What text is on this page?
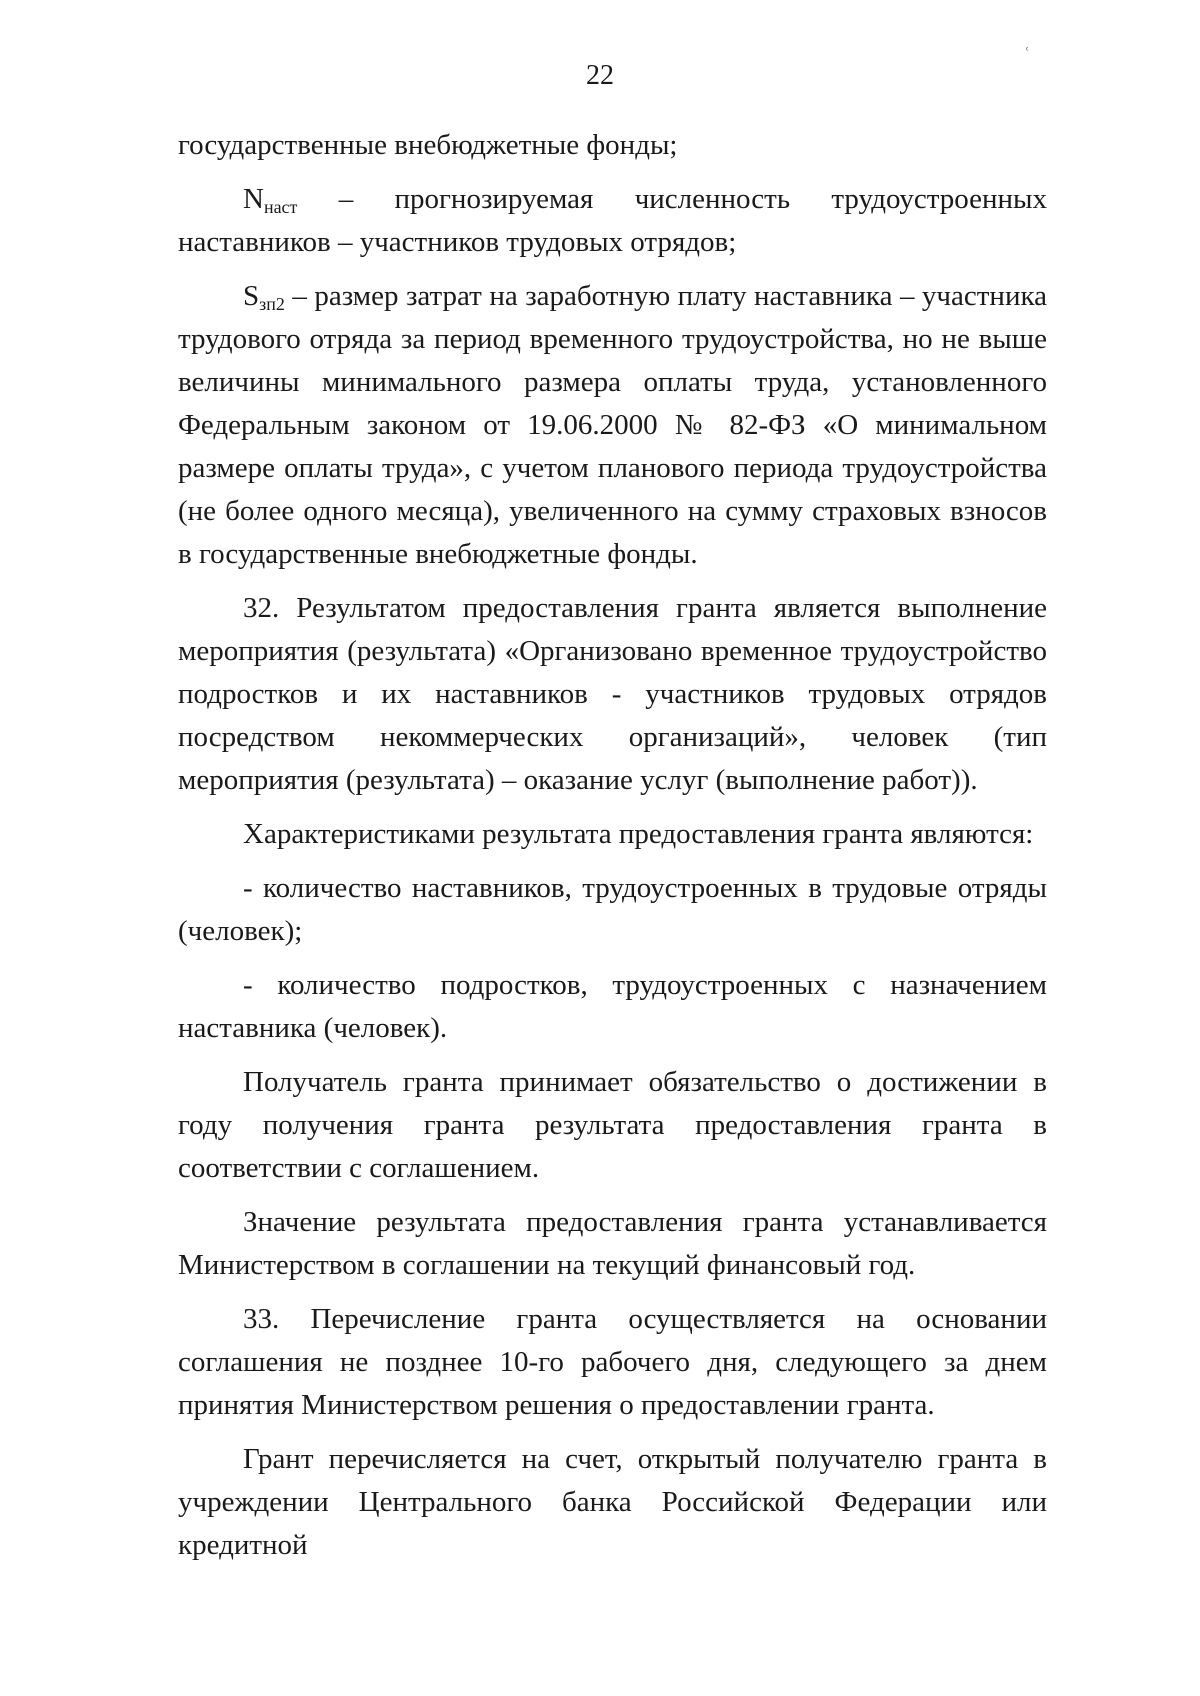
22
ʿ

государственные внебюджетные фонды;

$N_{наст}$ – прогнозируемая численность трудоустроенных наставников – участников трудовых отрядов;

$S_{зп2}$ – размер затрат на заработную плату наставника – участника трудового отряда за период временного трудоустройства, но не выше величины минимального размера оплаты труда, установленного Федеральным законом от 19.06.2000 № 82-ФЗ «О минимальном размере оплаты труда», с учетом планового периода трудоустройства (не более одного месяца), увеличенного на сумму страховых взносов в государственные внебюджетные фонды.

32. Результатом предоставления гранта является выполнение мероприятия (результата) «Организовано временное трудоустройство подростков и их наставников - участников трудовых отрядов посредством некоммерческих организаций», человек (тип мероприятия (результата) – оказание услуг (выполнение работ)).

Характеристиками результата предоставления гранта являются:

- количество наставников, трудоустроенных в трудовые отряды (человек);

- количество подростков, трудоустроенных с назначением наставника (человек).

Получатель гранта принимает обязательство о достижении в году получения гранта результата предоставления гранта в соответствии с соглашением.

Значение результата предоставления гранта устанавливается Министерством в соглашении на текущий финансовый год.

33. Перечисление гранта осуществляется на основании соглашения не позднее 10-го рабочего дня, следующего за днем принятия Министерством решения о предоставлении гранта.

Грант перечисляется на счет, открытый получателю гранта в учреждении Центрального банка Российской Федерации или кредитной
